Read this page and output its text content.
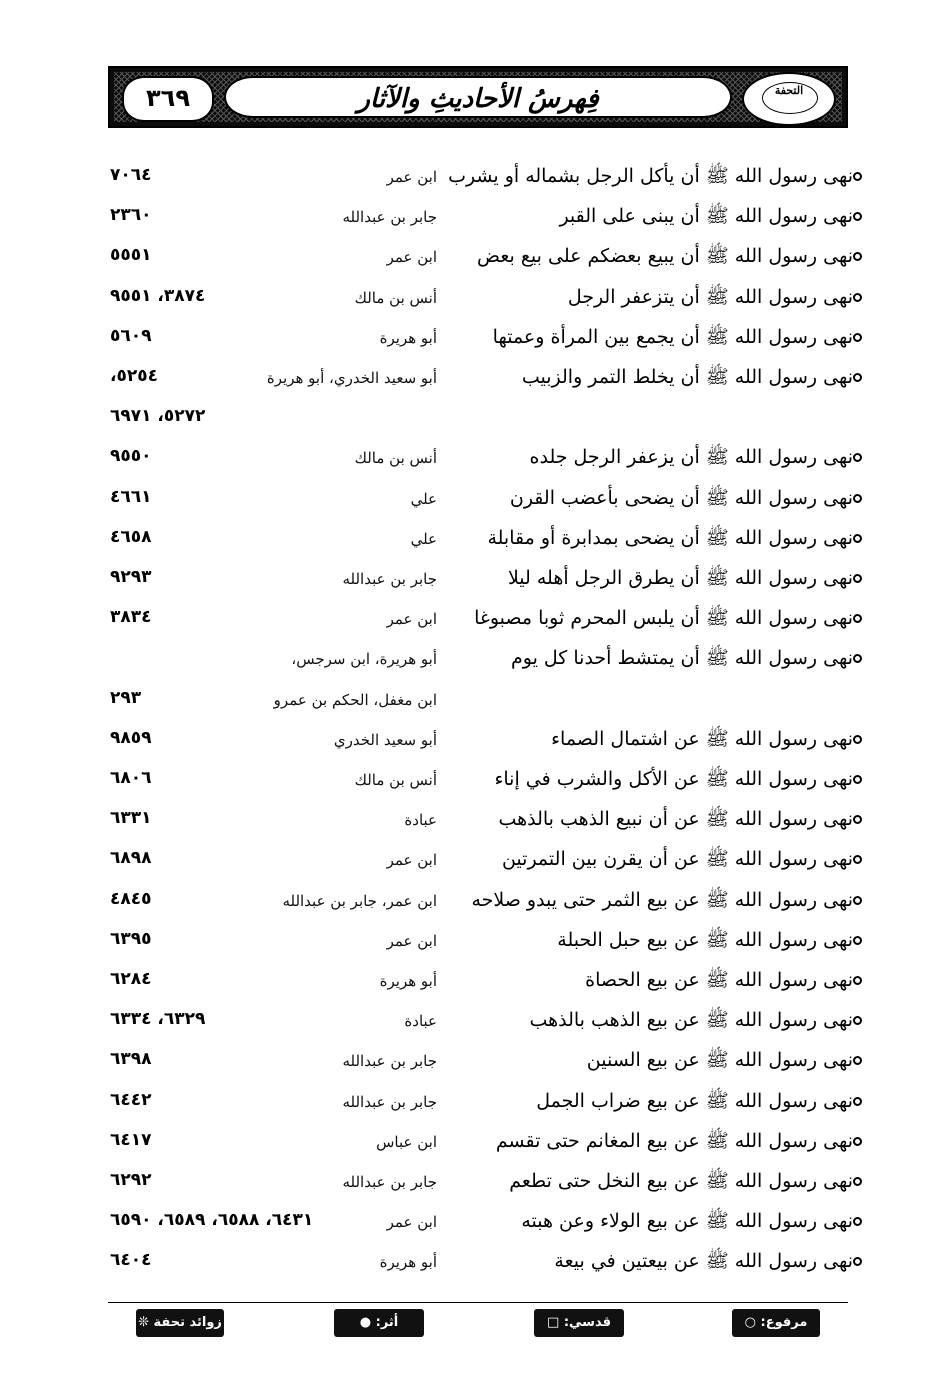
فِهرسُ الأحاديثِ والآثار
٣٦٩	التحفة
نهى رسول الله ﷺ أن يأكل الرجل بشماله أو يشرب
ابن عمر
٧٠٦٤
نهى رسول الله ﷺ أن يبنى على القبر
جابر بن عبدالله
٢٣٦٠
نهى رسول الله ﷺ أن يبيع بعضكم على بيع بعض
ابن عمر
٥٥٥١
نهى رسول الله ﷺ أن يتزعفر الرجل
أنس بن مالك
٣٨٧٤، ٩٥٥١
نهى رسول الله ﷺ أن يجمع بين المرأة وعمتها
أبو هريرة
٥٦٠٩
نهى رسول الله ﷺ أن يخلط التمر والزبيب
أبو سعيد الخدري، أبو هريرة
٥٢٥٤،
٥٢٧٢، ٦٩٧١
نهى رسول الله ﷺ أن يزعفر الرجل جلده
أنس بن مالك
٩٥٥٠
نهى رسول الله ﷺ أن يضحى بأعضب القرن
علي
٤٦٦١
نهى رسول الله ﷺ أن يضحى بمدابرة أو مقابلة
علي
٤٦٥٨
نهى رسول الله ﷺ أن يطرق الرجل أهله ليلا
جابر بن عبدالله
٩٢٩٣
نهى رسول الله ﷺ أن يلبس المحرم ثوبا مصبوغا
ابن عمر
٣٨٣٤
نهى رسول الله ﷺ أن يمتشط أحدنا كل يوم
أبو هريرة، ابن سرجس،
ابن مغفل، الحكم بن عمرو
٢٩٣
نهى رسول الله ﷺ عن اشتمال الصماء
أبو سعيد الخدري
٩٨٥٩
نهى رسول الله ﷺ عن الأكل والشرب في إناء
أنس بن مالك
٦٨٠٦
نهى رسول الله ﷺ عن أن نبيع الذهب بالذهب
عبادة
٦٣٣١
نهى رسول الله ﷺ عن أن يقرن بين التمرتين
ابن عمر
٦٨٩٨
نهى رسول الله ﷺ عن بيع الثمر حتى يبدو صلاحه
ابن عمر، جابر بن عبدالله
٤٨٤٥
نهى رسول الله ﷺ عن بيع حبل الحبلة
ابن عمر
٦٣٩٥
نهى رسول الله ﷺ عن بيع الحصاة
أبو هريرة
٦٢٨٤
نهى رسول الله ﷺ عن بيع الذهب بالذهب
عبادة
٦٣٢٩، ٦٣٣٤
نهى رسول الله ﷺ عن بيع السنين
جابر بن عبدالله
٦٣٩٨
نهى رسول الله ﷺ عن بيع ضراب الجمل
جابر بن عبدالله
٦٤٤٢
نهى رسول الله ﷺ عن بيع المغانم حتى تقسم
ابن عباس
٦٤١٧
نهى رسول الله ﷺ عن بيع النخل حتى تطعم
جابر بن عبدالله
٦٢٩٢
نهى رسول الله ﷺ عن بيع الولاء وعن هبته
ابن عمر
٦٤٣١، ٦٥٨٨، ٦٥٨٩، ٦٥٩٠
نهى رسول الله ﷺ عن بيعتين في بيعة
أبو هريرة
٦٤٠٤
مرفوع: ○
قدسي: □
أثر: ●
زوائد تحفة ❊
